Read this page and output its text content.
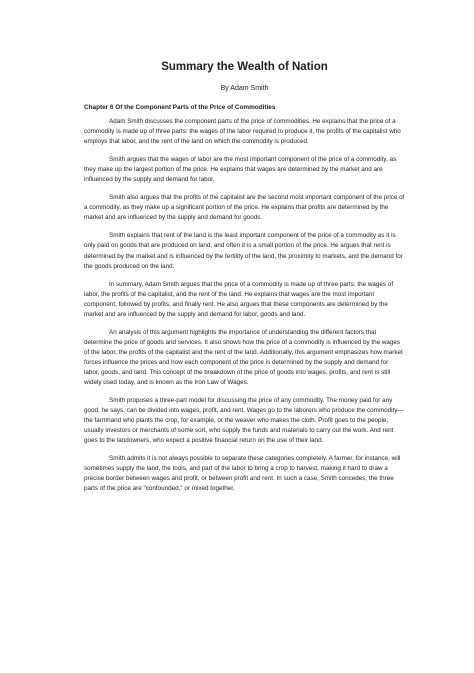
Summary the Wealth of Nation

By Adam Smith

Chapter 6 Of the Component Parts of the Price of Commodities

Adam Smith discusses the component parts of the price of commodities. He explains that the price of a commodity is made up of three parts: the wages of the labor required to produce it, the profits of the capitalist who employs that labor, and the rent of the land on which the commodity is produced.

Smith argues that the wages of labor are the most important component of the price of a commodity, as they make up the largest portion of the price. He explains that wages are determined by the market and are influenced by the supply and demand for labor.

Smith also argues that the profits of the capitalist are the second most important component of the price of a commodity, as they make up a significant portion of the price. He explains that profits are determined by the market and are influenced by the supply and demand for goods.

Smith explains that rent of the land is the least important component of the price of a commodity as it is only paid on goods that are produced on land, and often it is a small portion of the price. He argues that rent is determined by the market and is influenced by the fertility of the land, the proximity to markets, and the demand for the goods produced on the land.

In summary, Adam Smith argues that the price of a commodity is made up of three parts: the wages of labor, the profits of the capitalist, and the rent of the land. He explains that wages are the most important component, followed by profits, and finally rent. He also argues that these components are determined by the market and are influenced by the supply and demand for labor, goods and land.

An analysis of this argument highlights the importance of understanding the different factors that determine the price of goods and services. It also shows how the price of a commodity is influenced by the wages of the labor, the profits of the capitalist and the rent of the land. Additionally, this argument emphasizes how market forces influence the prices and how each component of the price is determined by the supply and demand for labor, goods, and land. This concept of the breakdown of the price of goods into wages, profits, and rent is still widely used today, and is known as the Iron Law of Wages.

Smith proposes a three-part model for discussing the price of any commodity. The money paid for any good, he says, can be divided into wages, profit, and rent. Wages go to the laborers who produce the commodity—the farmhand who plants the crop, for example, or the weaver who makes the cloth. Profit goes to the people, usually investors or merchants of some sort, who supply the funds and materials to carry out the work. And rent goes to the landowners, who expect a positive financial return on the use of their land.

Smith admits it is not always possible to separate these categories completely. A farmer, for instance, will sometimes supply the land, the tools, and part of the labor to bring a crop to harvest, making it hard to draw a precise border between wages and profit, or between profit and rent. In such a case, Smith concedes, the three parts of the price are "confounded," or mixed together.
